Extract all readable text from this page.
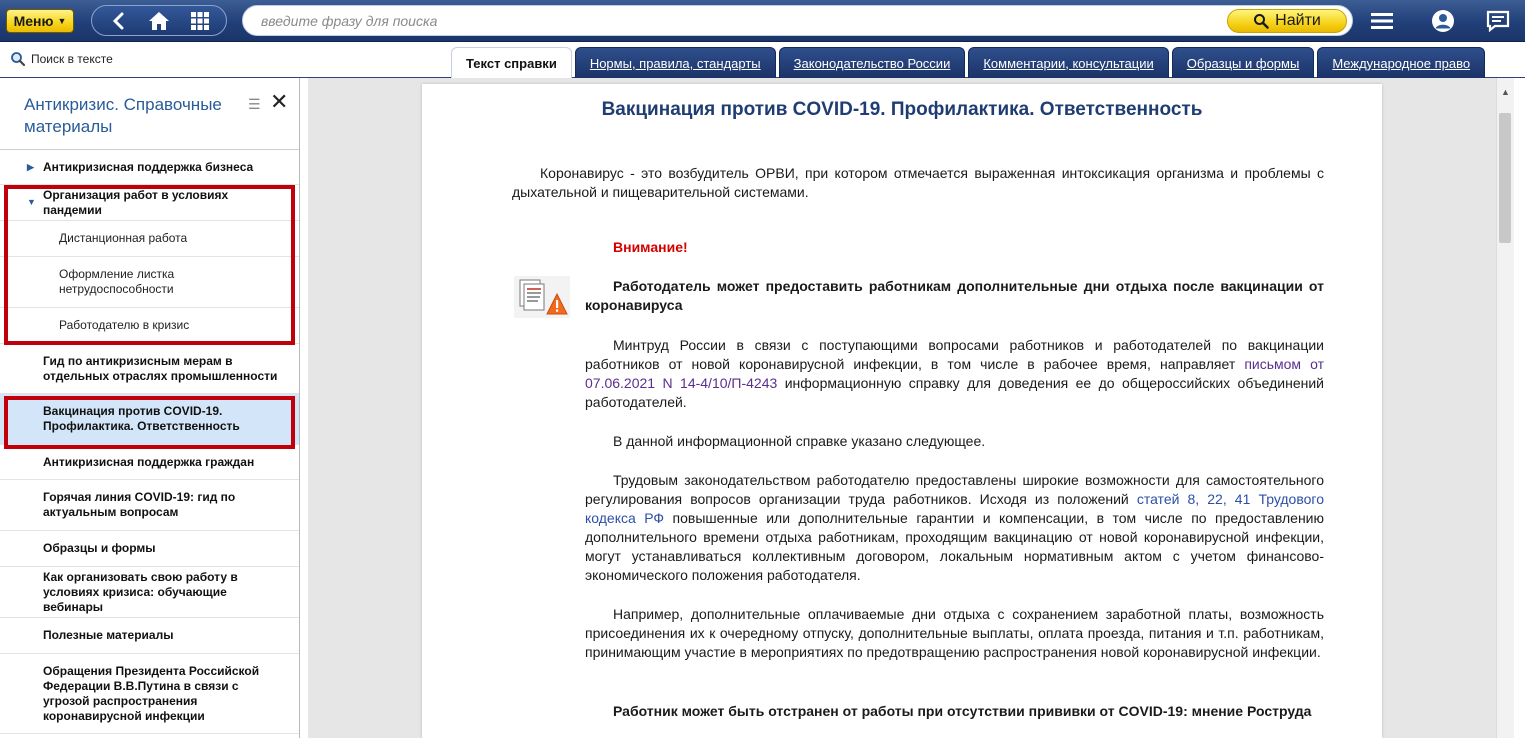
Меню ▼
введите фразу для поиска	Найти
Поиск в тексте	Текст справки	Нормы, правила, стандарты	Законодательство России	Комментарии, консультации	Образцы и формы	Международное право
Антикризис. Справочные материалы
☰ ✕
▶ Антикризисная поддержка бизнеса
▼
Организация работ в условиях пандемии
Дистанционная работа
Оформление листка нетрудоспособности
Работодателю в кризис
Гид по антикризисным мерам в отдельных отраслях промышленности
Вакцинация против COVID-19. Профилактика. Ответственность
Антикризисная поддержка граждан
Горячая линия COVID-19: гид по актуальным вопросам
Образцы и формы
Как организовать свою работу в условиях кризиса: обучающие вебинары
Полезные материалы
Обращения Президента Российской Федерации В.В.Путина в связи с угрозой распространения коронавирусной инфекции
Вакцинация против COVID-19. Профилактика. Ответственность
Коронавирус - это возбудитель ОРВИ, при котором отмечается выраженная интоксикация организма и проблемы с дыхательной и пищеварительной системами.
Внимание!
Работодатель может предоставить работникам дополнительные дни отдыха после вакцинации от коронавируса
Минтруд России в связи с поступающими вопросами работников и работодателей по вакцинации работников от новой коронавирусной инфекции, в том числе в рабочее время, направляет письмом от 07.06.2021 N 14-4/10/П-4243 информационную справку для доведения ее до общероссийских объединений работодателей.
В данной информационной справке указано следующее.
Трудовым законодательством работодателю предоставлены широкие возможности для самостоятельного регулирования вопросов организации труда работников. Исходя из положений статей 8, 22, 41 Трудового кодекса РФ повышенные или дополнительные гарантии и компенсации, в том числе по предоставлению дополнительного времени отдыха работникам, проходящим вакцинацию от новой коронавирусной инфекции, могут устанавливаться коллективным договором, локальным нормативным актом с учетом финансово-экономического положения работодателя.
Например, дополнительные оплачиваемые дни отдыха с сохранением заработной платы, возможность присоединения их к очередному отпуску, дополнительные выплаты, оплата проезда, питания и т.п. работникам, принимающим участие в мероприятиях по предотвращению распространения новой коронавирусной инфекции.
Работник может быть отстранен от работы при отсутствии прививки от COVID-19: мнение Роструда
▲
